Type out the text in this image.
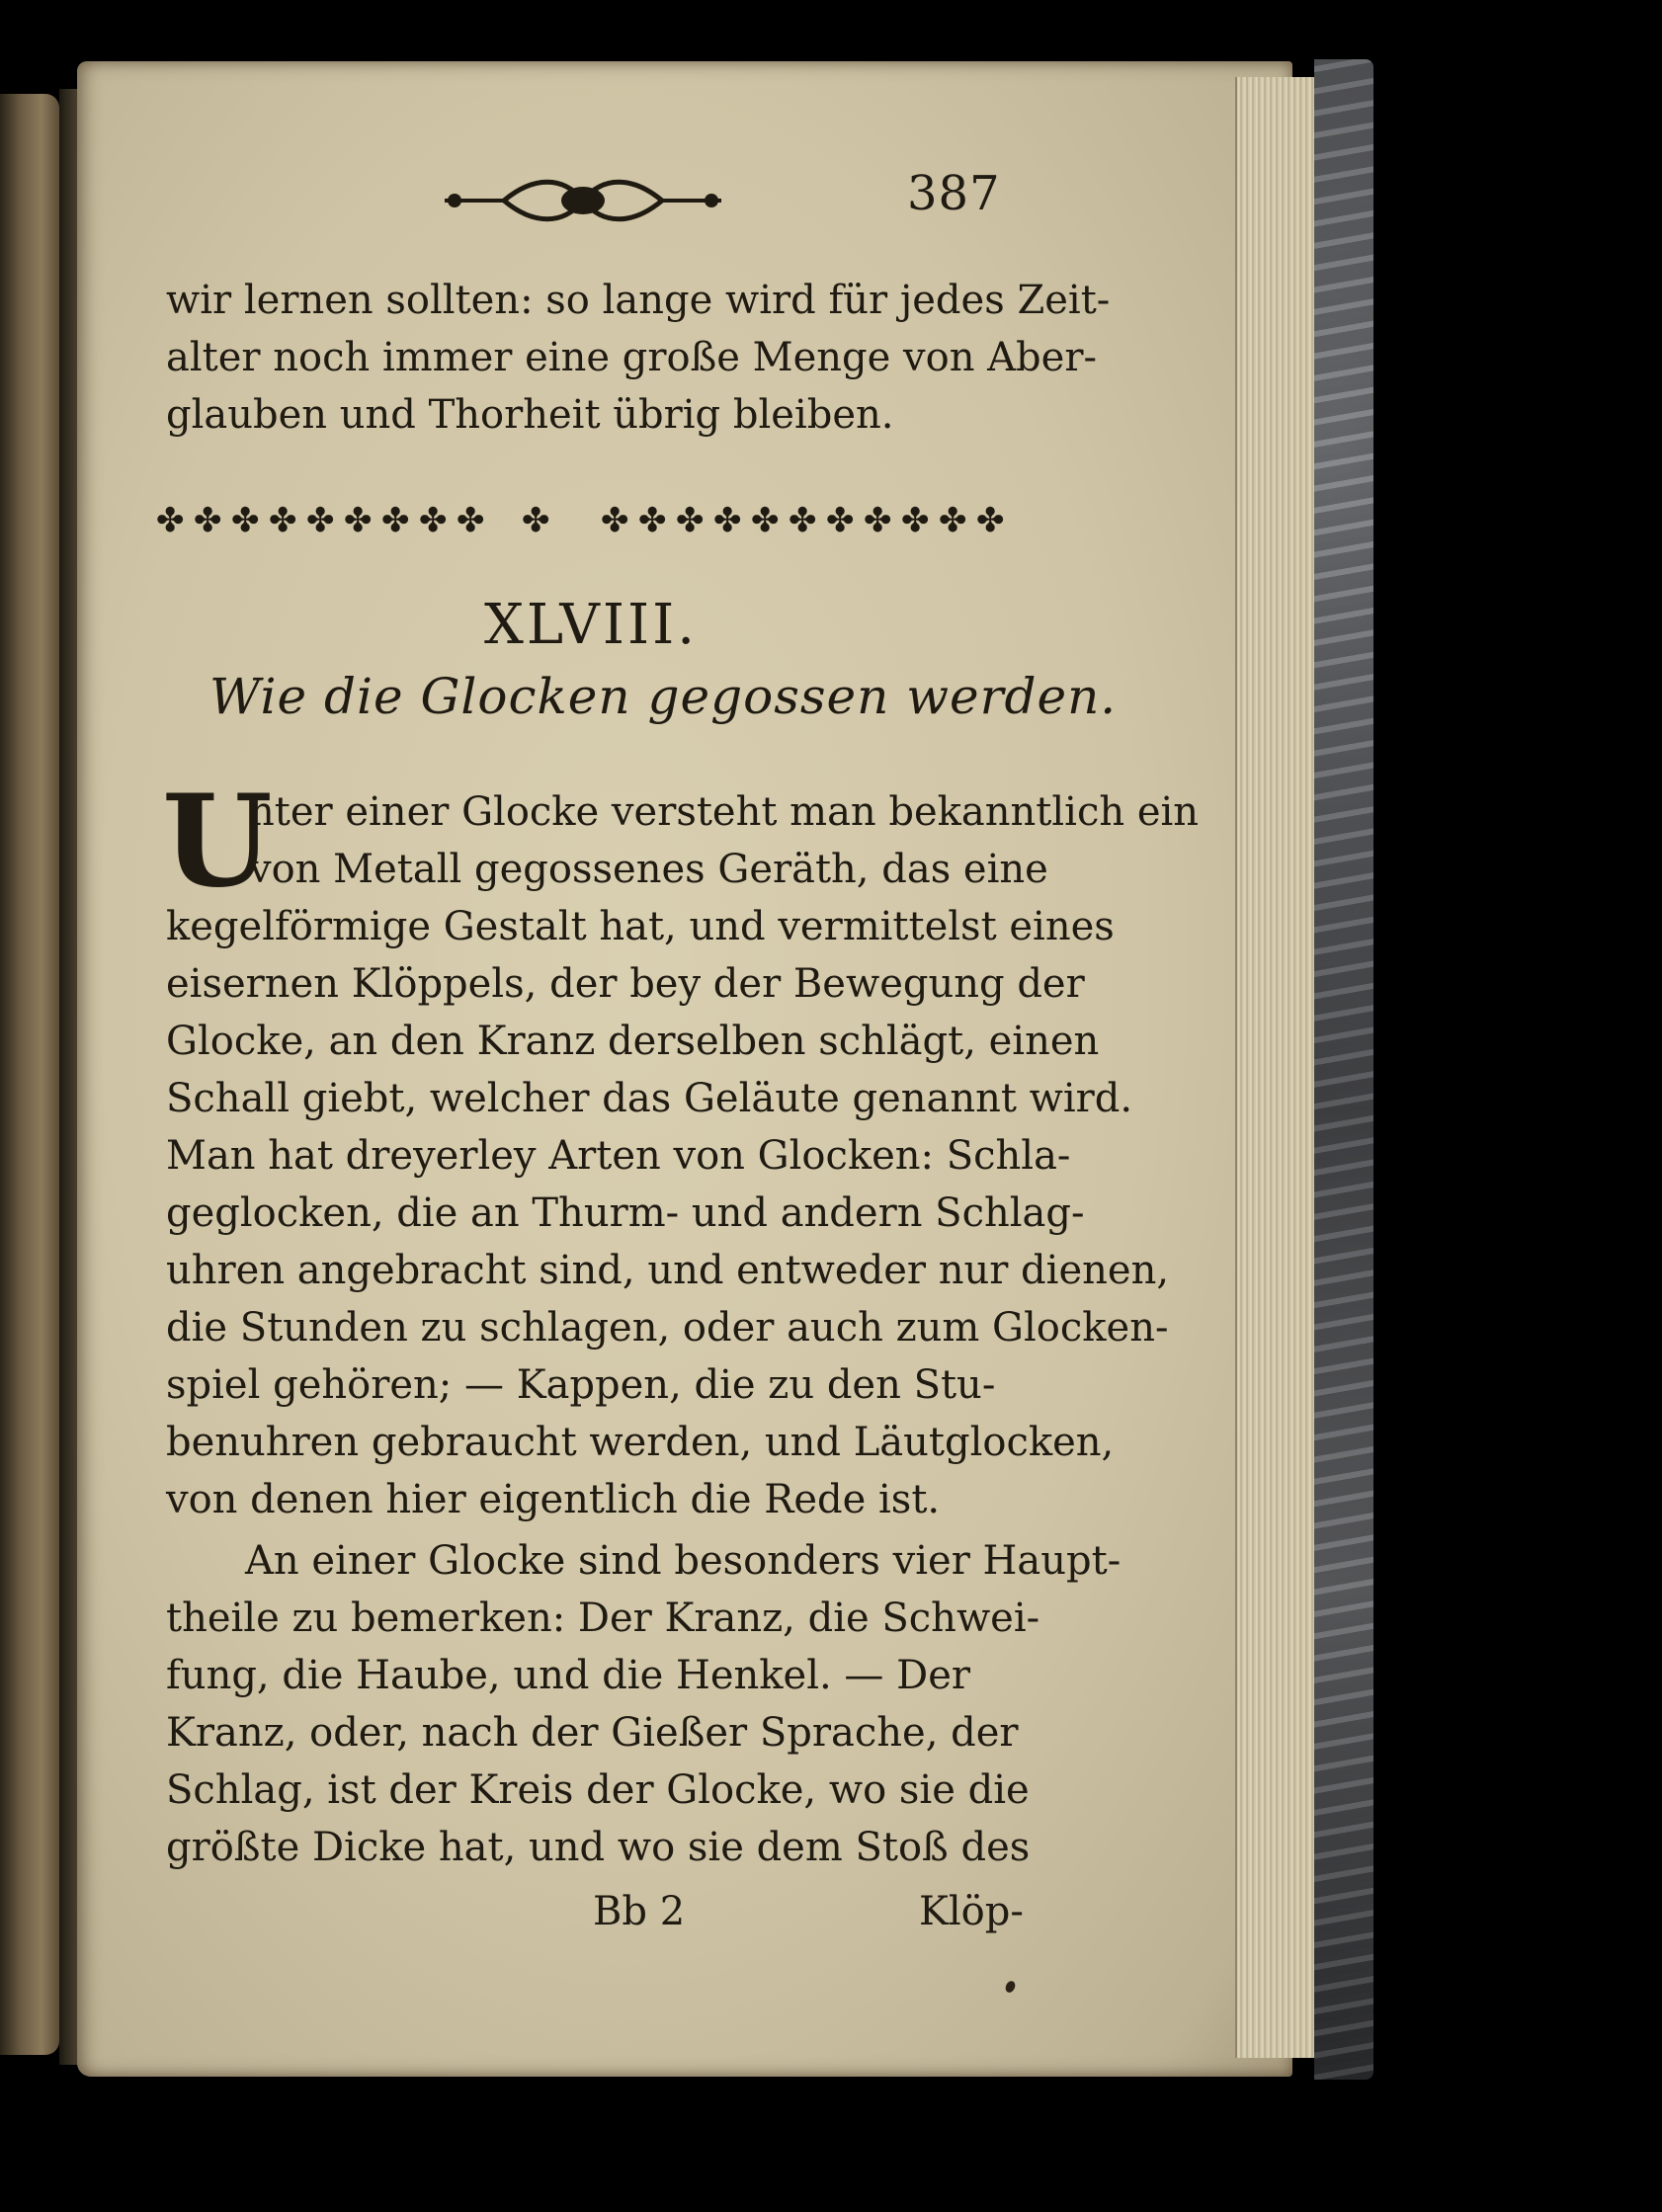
387
wir lernen sollten: so lange wird für jedes Zeit-
alter noch immer eine große Menge von Aber-
glauben und Thorheit übrig bleiben.
✤ ✤ ✤ ✤ ✤ ✤ ✤ ✤ ✤ ✤ ✤ ✤ ✤ ✤ ✤ ✤ ✤ ✤ ✤ ✤ ✤
XLVIII.
Wie die Glocken gegossen werden.
U
nter einer Glocke versteht man bekanntlich ein
von Metall gegossenes Geräth, das eine
kegelförmige Gestalt hat, und vermittelst eines
eisernen Klöppels, der bey der Bewegung der
Glocke, an den Kranz derselben schlägt, einen
Schall giebt, welcher das Geläute genannt wird.
Man hat dreyerley Arten von Glocken: Schla-
geglocken, die an Thurm- und andern Schlag-
uhren angebracht sind, und entweder nur dienen,
die Stunden zu schlagen, oder auch zum Glocken-
spiel gehören; — Kappen, die zu den Stu-
benuhren gebraucht werden, und Läutglocken,
von denen hier eigentlich die Rede ist.
An einer Glocke sind besonders vier Haupt-
theile zu bemerken: Der Kranz, die Schwei-
fung, die Haube, und die Henkel. — Der
Kranz, oder, nach der Gießer Sprache, der
Schlag, ist der Kreis der Glocke, wo sie die
größte Dicke hat, und wo sie dem Stoß des
Bb 2	Klöp-
